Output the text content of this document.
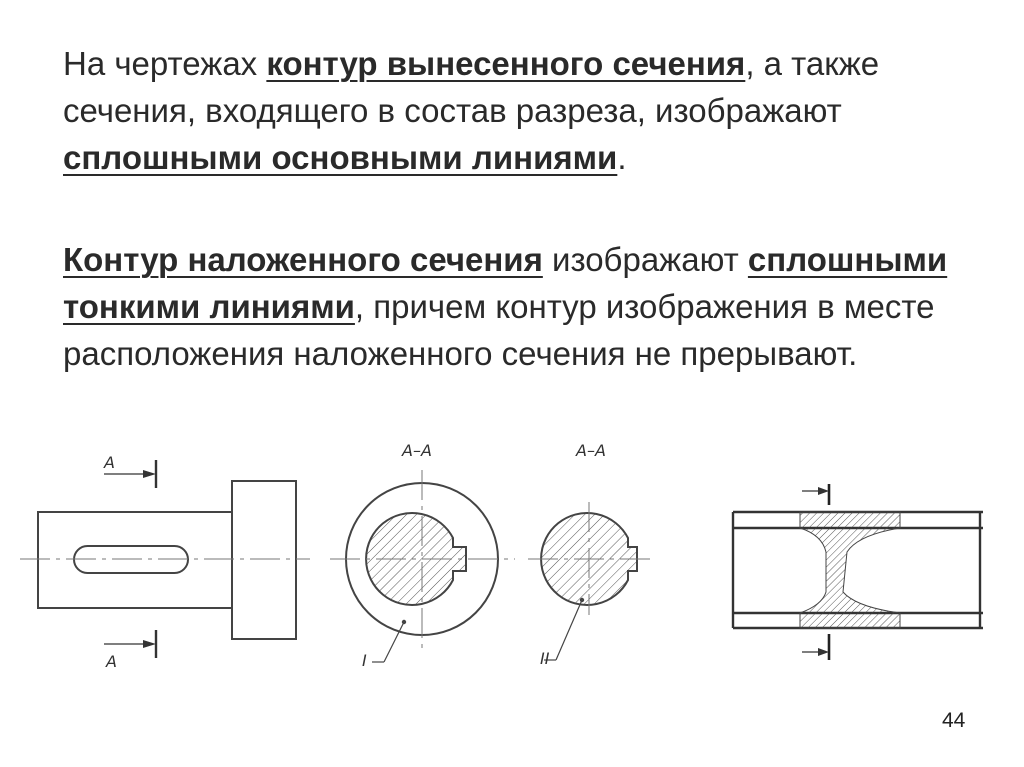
На чертежах контур вынесенного сечения, а также сечения, входящего в состав разреза, изображают сплошными основными линиями.
Контур наложенного сечения изображают сплошными тонкими линиями, причем контур изображения в месте расположения наложенного сечения не прерывают.
А
А
А–А
I
А–А
II
44
